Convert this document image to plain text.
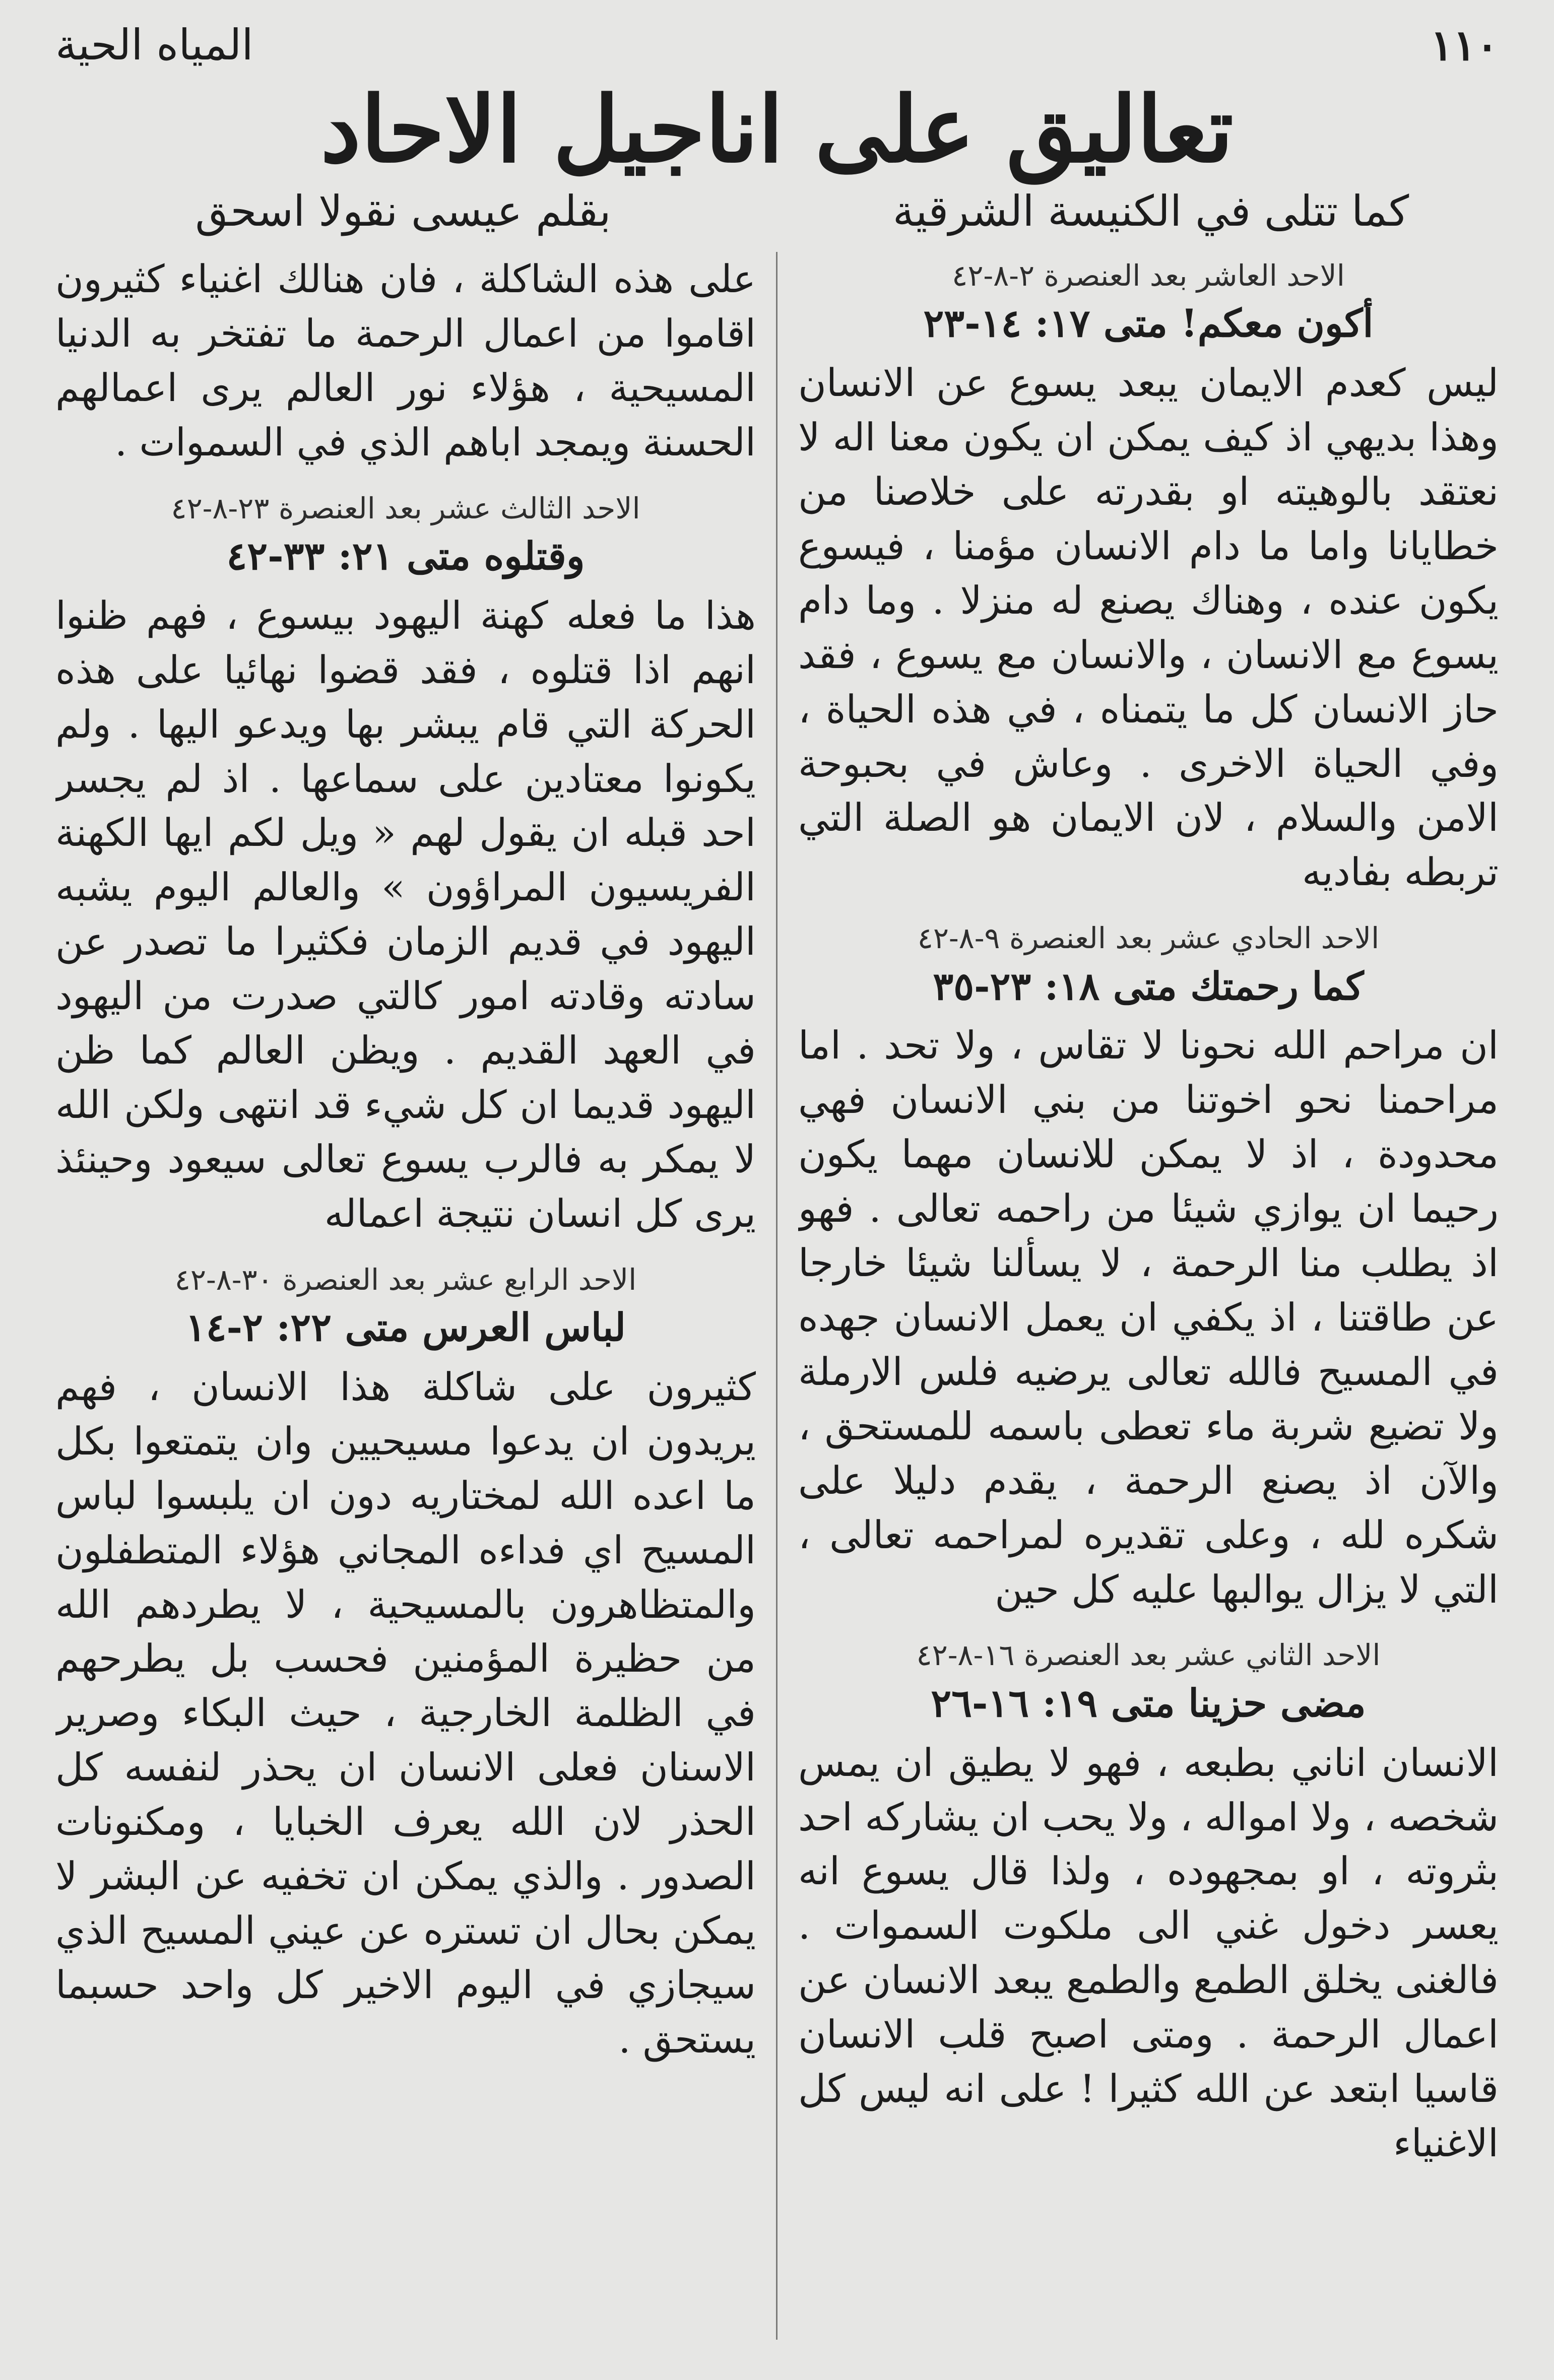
١١٠
المياه الحية
تعاليق على اناجيل الاحاد
كما تتلى في الكنيسة الشرقية
بقلم عيسى نقولا اسحق
الاحد العاشر بعد العنصرة ٢-٨-٤٢
أكون معكم! متى ١٧: ١٤-٢٣

ليس كعدم الايمان يبعد يسوع عن الانسان وهذا بديهي اذ كيف يمكن ان يكون معنا اله لا نعتقد بالوهيته او بقدرته على خلاصنا من خطايانا واما ما دام الانسان مؤمنا ، فيسوع يكون عنده ، وهناك يصنع له منزلا . وما دام يسوع مع الانسان ، والانسان مع يسوع ، فقد حاز الانسان كل ما يتمناه ، في هذه الحياة ، وفي الحياة الاخرى . وعاش في بحبوحة الامن والسلام ، لان الايمان هو الصلة التي تربطه بفاديه

الاحد الحادي عشر بعد العنصرة ٩-٨-٤٢
كما رحمتك متى ١٨: ٢٣-٣٥

ان مراحم الله نحونا لا تقاس ، ولا تحد . اما مراحمنا نحو اخوتنا من بني الانسان فهي محدودة ، اذ لا يمكن للانسان مهما يكون رحيما ان يوازي شيئا من راحمه تعالى . فهو اذ يطلب منا الرحمة ، لا يسألنا شيئا خارجا عن طاقتنا ، اذ يكفي ان يعمل الانسان جهده في المسيح فالله تعالى يرضيه فلس الارملة ولا تضيع شربة ماء تعطى باسمه للمستحق ، والآن اذ يصنع الرحمة ، يقدم دليلا على شكره لله ، وعلى تقديره لمراحمه تعالى ، التي لا يزال يوالبها عليه كل حين

الاحد الثاني عشر بعد العنصرة ١٦-٨-٤٢
مضى حزينا متى ١٩: ١٦-٢٦

الانسان اناني بطبعه ، فهو لا يطيق ان يمس شخصه ، ولا امواله ، ولا يحب ان يشاركه احد بثروته ، او بمجهوده ، ولذا قال يسوع انه يعسر دخول غني الى ملكوت السموات . فالغنى يخلق الطمع والطمع يبعد الانسان عن اعمال الرحمة . ومتى اصبح قلب الانسان قاسيا ابتعد عن الله كثيرا ! على انه ليس كل الاغنياء

على هذه الشاكلة ، فان هنالك اغنياء كثيرون اقاموا من اعمال الرحمة ما تفتخر به الدنيا المسيحية ، هؤلاء نور العالم يرى اعمالهم الحسنة ويمجد اباهم الذي في السموات .

الاحد الثالث عشر بعد العنصرة ٢٣-٨-٤٢
وقتلوه متى ٢١: ٣٣-٤٢

هذا ما فعله كهنة اليهود بيسوع ، فهم ظنوا انهم اذا قتلوه ، فقد قضوا نهائيا على هذه الحركة التي قام يبشر بها ويدعو اليها . ولم يكونوا معتادين على سماعها . اذ لم يجسر احد قبله ان يقول لهم « ويل لكم ايها الكهنة الفريسيون المراؤون » والعالم اليوم يشبه اليهود في قديم الزمان فكثيرا ما تصدر عن سادته وقادته امور كالتي صدرت من اليهود في العهد القديم . ويظن العالم كما ظن اليهود قديما ان كل شيء قد انتهى ولكن الله لا يمكر به فالرب يسوع تعالى سيعود وحينئذ يرى كل انسان نتيجة اعماله

الاحد الرابع عشر بعد العنصرة ٣٠-٨-٤٢
لباس العرس متى ٢٢: ٢-١٤

كثيرون على شاكلة هذا الانسان ، فهم يريدون ان يدعوا مسيحيين وان يتمتعوا بكل ما اعده الله لمختاريه دون ان يلبسوا لباس المسيح اي فداءه المجاني هؤلاء المتطفلون والمتظاهرون بالمسيحية ، لا يطردهم الله من حظيرة المؤمنين فحسب بل يطرحهم في الظلمة الخارجية ، حيث البكاء وصرير الاسنان فعلى الانسان ان يحذر لنفسه كل الحذر لان الله يعرف الخبايا ، ومكنونات الصدور . والذي يمكن ان تخفيه عن البشر لا يمكن بحال ان تستره عن عيني المسيح الذي سيجازي في اليوم الاخير كل واحد حسبما يستحق .
